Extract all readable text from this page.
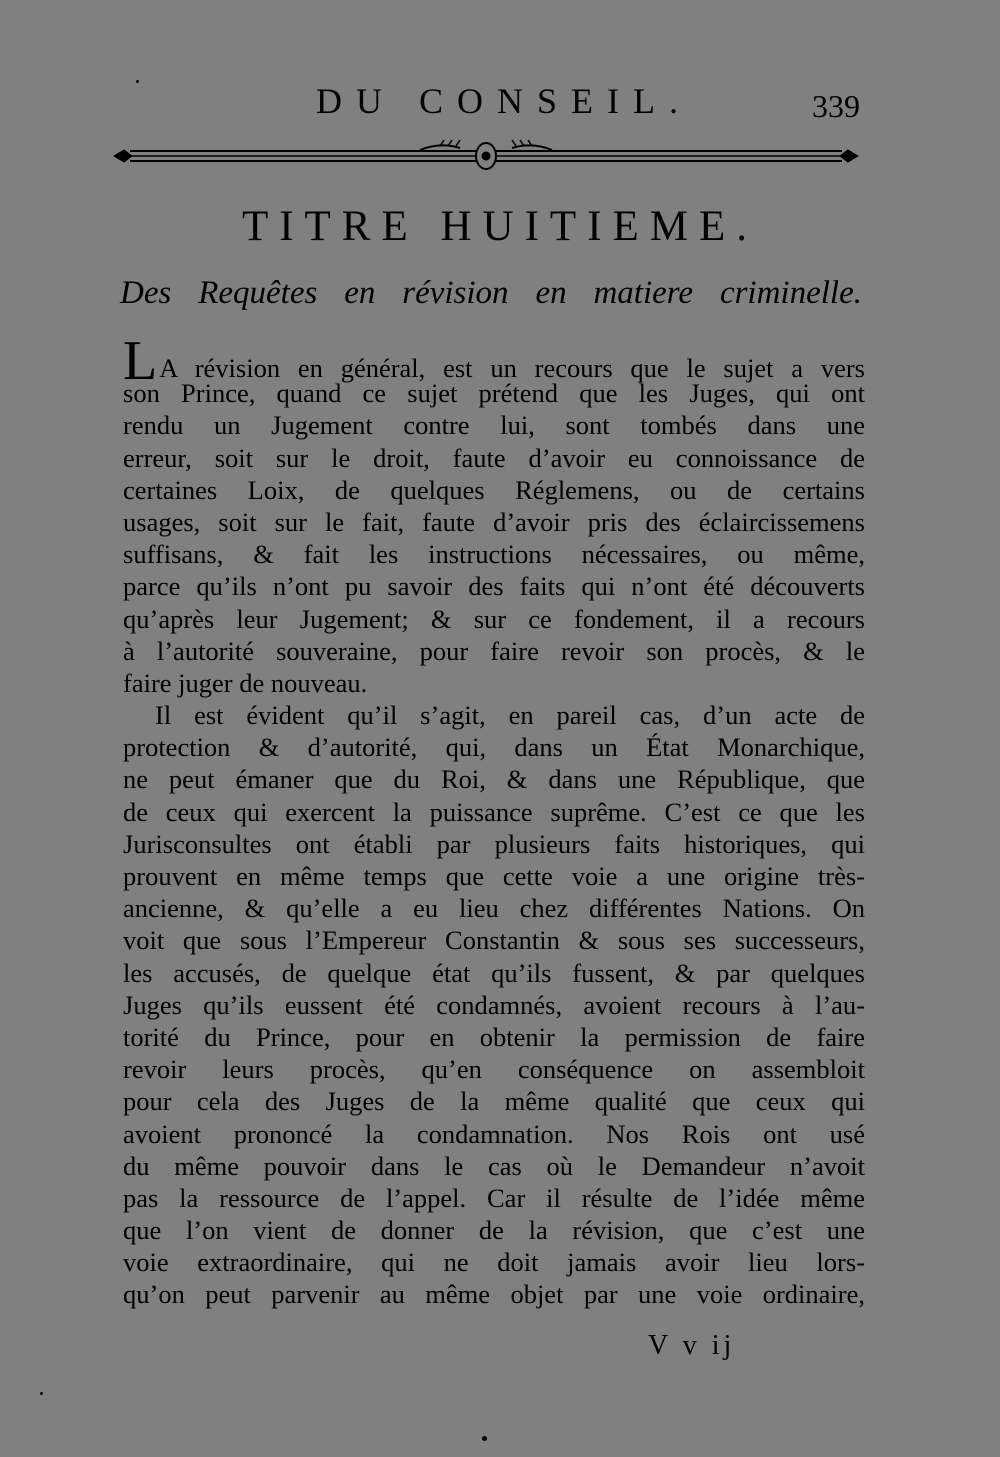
DU CONSEIL.	339
TITRE HUITIEME.
Des Requêtes en révision en matiere criminelle.
LA révision en général, est un recours que le sujet a vers
son Prince, quand ce sujet prétend que les Juges, qui ont
rendu un Jugement contre lui, sont tombés dans une
erreur, soit sur le droit, faute d’avoir eu connoissance de
certaines Loix, de quelques Réglemens, ou de certains
usages, soit sur le fait, faute d’avoir pris des éclaircissemens
suffisans, & fait les instructions nécessaires, ou même,
parce qu’ils n’ont pu savoir des faits qui n’ont été découverts
qu’après leur Jugement; & sur ce fondement, il a recours
à l’autorité souveraine, pour faire revoir son procès, & le
faire juger de nouveau.
Il est évident qu’il s’agit, en pareil cas, d’un acte de
protection & d’autorité, qui, dans un État Monarchique,
ne peut émaner que du Roi, & dans une République, que
de ceux qui exercent la puissance suprême. C’est ce que les
Jurisconsultes ont établi par plusieurs faits historiques, qui
prouvent en même temps que cette voie a une origine très-
ancienne, & qu’elle a eu lieu chez différentes Nations. On
voit que sous l’Empereur Constantin & sous ses successeurs,
les accusés, de quelque état qu’ils fussent, & par quelques
Juges qu’ils eussent été condamnés, avoient recours à l’au-
torité du Prince, pour en obtenir la permission de faire
revoir leurs procès, qu’en conséquence on assembloit
pour cela des Juges de la même qualité que ceux qui
avoient prononcé la condamnation. Nos Rois ont usé
du même pouvoir dans le cas où le Demandeur n’avoit
pas la ressource de l’appel. Car il résulte de l’idée même
que l’on vient de donner de la révision, que c’est une
voie extraordinaire, qui ne doit jamais avoir lieu lors-
qu’on peut parvenir au même objet par une voie ordinaire,
V v ij
